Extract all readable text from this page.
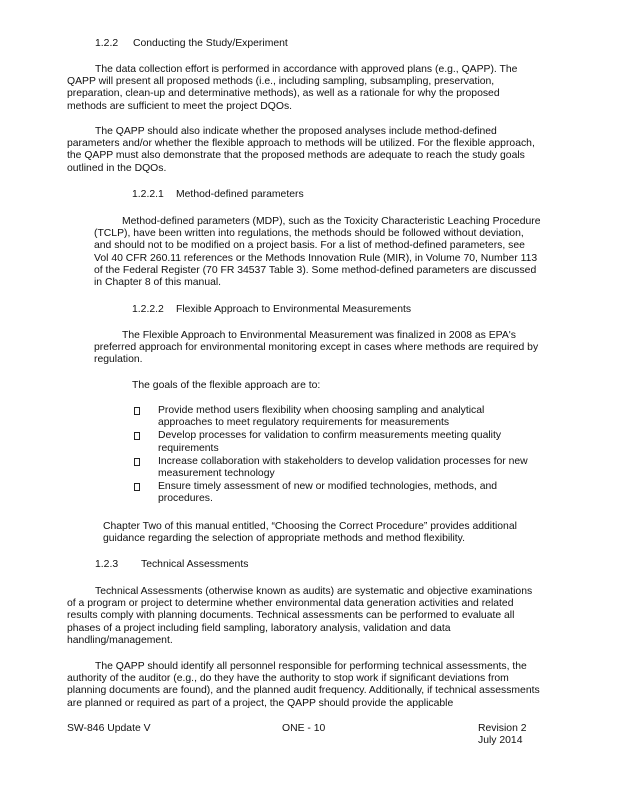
1.2.2 Conducting the Study/Experiment

The data collection effort is performed in accordance with approved plans (e.g., QAPP). The QAPP will present all proposed methods (i.e., including sampling, subsampling, preservation, preparation, clean-up and determinative methods), as well as a rationale for why the proposed methods are sufficient to meet the project DQOs.

The QAPP should also indicate whether the proposed analyses include method-defined parameters and/or whether the flexible approach to methods will be utilized. For the flexible approach, the QAPP must also demonstrate that the proposed methods are adequate to reach the study goals outlined in the DQOs.

1.2.2.1 Method-defined parameters

Method-defined parameters (MDP), such as the Toxicity Characteristic Leaching Procedure (TCLP), have been written into regulations, the methods should be followed without deviation, and should not to be modified on a project basis. For a list of method-defined parameters, see Vol 40 CFR 260.11 references or the Methods Innovation Rule (MIR), in Volume 70, Number 113 of the Federal Register (70 FR 34537 Table 3). Some method-defined parameters are discussed in Chapter 8 of this manual.

1.2.2.2 Flexible Approach to Environmental Measurements

The Flexible Approach to Environmental Measurement was finalized in 2008 as EPA's preferred approach for environmental monitoring except in cases where methods are required by regulation.

The goals of the flexible approach are to:

Provide method users flexibility when choosing sampling and analytical approaches to meet regulatory requirements for measurements
Develop processes for validation to confirm measurements meeting quality requirements
Increase collaboration with stakeholders to develop validation processes for new measurement technology
Ensure timely assessment of new or modified technologies, methods, and procedures.

Chapter Two of this manual entitled, “Choosing the Correct Procedure” provides additional guidance regarding the selection of appropriate methods and method flexibility.

1.2.3 Technical Assessments

Technical Assessments (otherwise known as audits) are systematic and objective examinations of a program or project to determine whether environmental data generation activities and related results comply with planning documents. Technical assessments can be performed to evaluate all phases of a project including field sampling, laboratory analysis, validation and data handling/management.

The QAPP should identify all personnel responsible for performing technical assessments, the authority of the auditor (e.g., do they have the authority to stop work if significant deviations from planning documents are found), and the planned audit frequency. Additionally, if technical assessments are planned or required as part of a project, the QAPP should provide the applicable

SW-846 Update V	ONE - 10	Revision 2
July 2014
